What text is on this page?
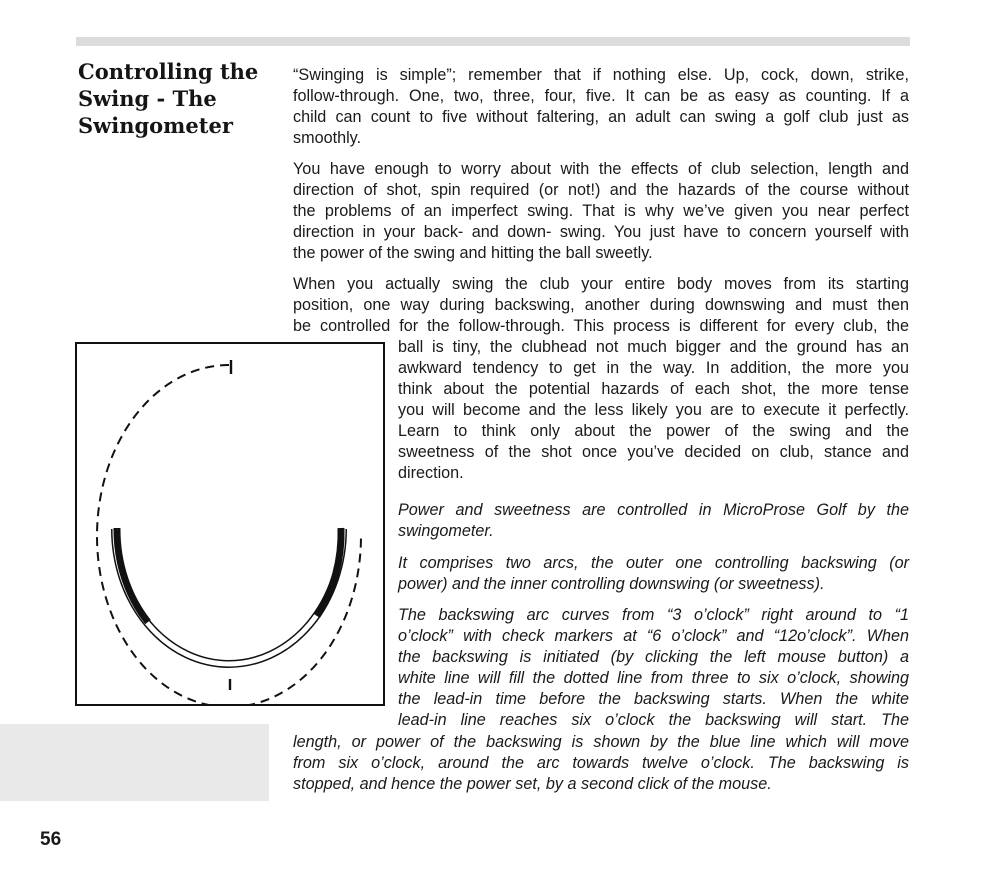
Controlling the
Swing - The
Swingometer
“Swinging is simple”; remember that if nothing else. Up, cock, down, strike,
follow-through. One, two, three, four, five. It can be as easy as counting. If a
child can count to five without faltering, an adult can swing a golf club just as
smoothly.
You have enough to worry about with the effects of club selection, length and
direction of shot, spin required (or not!) and the hazards of the course without
the problems of an imperfect swing. That is why we’ve given you near perfect
direction in your back- and down- swing. You just have to concern yourself with
the power of the swing and hitting the ball sweetly.
When you actually swing the club your entire body moves from its starting
position, one way during backswing, another during downswing and must then
be controlled for the follow-through. This process is different for every club, the
ball is tiny, the clubhead not much bigger and the ground has an
awkward tendency to get in the way. In addition, the more you
think about the potential hazards of each shot, the more tense
you will become and the less likely you are to execute it perfectly.
Learn to think only about the power of the swing and the
sweetness of the shot once you’ve decided on club, stance and
direction.
Power and sweetness are controlled in MicroProse Golf by the
swingometer.
It comprises two arcs, the outer one controlling backswing (or
power) and the inner controlling downswing (or sweetness).
The backswing arc curves from “3 o’clock” right around to “1
o’clock” with check markers at “6 o’clock” and “12o’clock”. When
the backswing is initiated (by clicking the left mouse button) a
white line will fill the dotted line from three to six o’clock, showing
the lead-in time before the backswing starts. When the white
lead-in line reaches six o’clock the backswing will start. The
length, or power of the backswing is shown by the blue line which will move
from six o’clock, around the arc towards twelve o’clock. The backswing is
stopped, and hence the power set, by a second click of the mouse.
56
